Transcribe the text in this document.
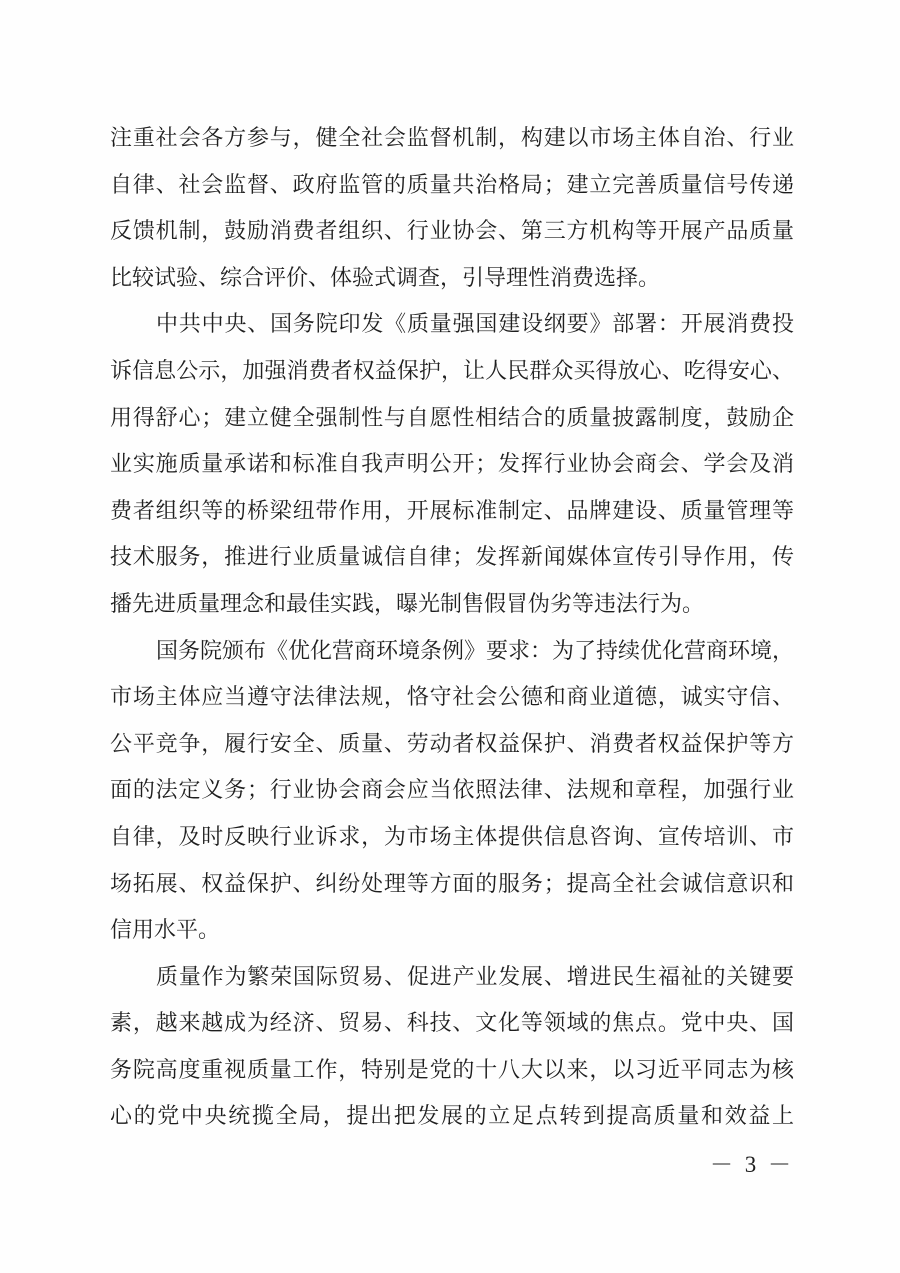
注重社会各方参与，健全社会监督机制，构建以市场主体自治、行业
自律、社会监督、政府监管的质量共治格局；建立完善质量信号传递
反馈机制，鼓励消费者组织、行业协会、第三方机构等开展产品质量
比较试验、综合评价、体验式调查，引导理性消费选择。
中共中央、国务院印发《质量强国建设纲要》部署：开展消费投
诉信息公示，加强消费者权益保护，让人民群众买得放心、吃得安心、
用得舒心；建立健全强制性与自愿性相结合的质量披露制度，鼓励企
业实施质量承诺和标准自我声明公开；发挥行业协会商会、学会及消
费者组织等的桥梁纽带作用，开展标准制定、品牌建设、质量管理等
技术服务，推进行业质量诚信自律；发挥新闻媒体宣传引导作用，传
播先进质量理念和最佳实践，曝光制售假冒伪劣等违法行为。
国务院颁布《优化营商环境条例》要求：为了持续优化营商环境，
市场主体应当遵守法律法规，恪守社会公德和商业道德，诚实守信、
公平竞争，履行安全、质量、劳动者权益保护、消费者权益保护等方
面的法定义务；行业协会商会应当依照法律、法规和章程，加强行业
自律，及时反映行业诉求，为市场主体提供信息咨询、宣传培训、市
场拓展、权益保护、纠纷处理等方面的服务；提高全社会诚信意识和
信用水平。
质量作为繁荣国际贸易、促进产业发展、增进民生福祉的关键要
素，越来越成为经济、贸易、科技、文化等领域的焦点。党中央、国
务院高度重视质量工作，特别是党的十八大以来，以习近平同志为核
心的党中央统揽全局，提出把发展的立足点转到提高质量和效益上
－ 3 －
